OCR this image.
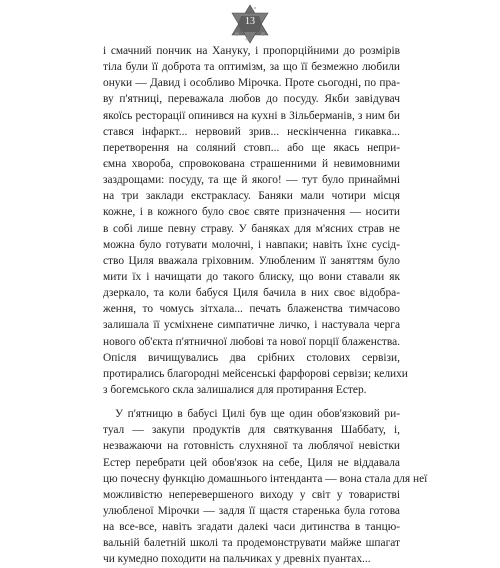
13
і смачний пончик на Ханукy, і пропорційними до розмірів
тіла були її доброта та оптимізм, за що її безмежно любили
онуки — Давид і особливо Мірочка. Проте сьогодні, по пра-
ву п'ятниці, переважала любов до посуду. Якби завідувач
якоїсь ресторації опинився на кухні в Зільберманів, з ним би
стався інфаркт... нервовий зрив... нескінченна гикавка...
перетворення на соляний стовп... або ще якась непри-
ємна хвороба, спровокована страшенними й невимовними
заздрощами: посуду, та ще й якого! — тут було принаймні
на три заклади екстракласу. Баняки мали чотири місця
кожне, і в кожного було своє святе призначення — носити
в собі лише певну страву. У баняках для м'ясних страв не
можна було готувати молочні, і навпаки; навіть їхнє сусід-
ство Циля вважала гріховним. Улюбленим її заняттям було
мити їх і начищати до такого блиску, що вони ставали як
дзеркало, та коли бабуся Циля бачила в них своє відобра-
ження, то чомусь зітхала... печать блаженства тимчасово
залишала її усміхнене симпатичне личко, і настувала черга
нового об'єкта п'ятничної любові та нової порції блаженства.
Опісля вичищувались два срібних столових сервізи,
протирались благородні мейсенські фарфорові сервізи; келихи
з богемського скла залишалися для протирання Естер.
У п'ятницю в бабусі Цилі був ще один обов'язковий ри-
туал — закупи продуктів для святкування Шаббату, і,
незважаючи на готовність слухняної та люблячої невістки
Естер перебрати цей обов'язок на себе, Циля не віддавала
цю почесну функцію домашнього інтенданта — вона стала для неї
можливістю неперевершеного виходу у світ у товаристві
улюбленої Мірочки — задля її щастя старенька була готова
на все-все, навіть згадати далекі часи дитинства в танцю-
вальній балетній школі та продемонструвати майже шпагат
чи кумедно походити на пальчиках у древніх пуантах...
